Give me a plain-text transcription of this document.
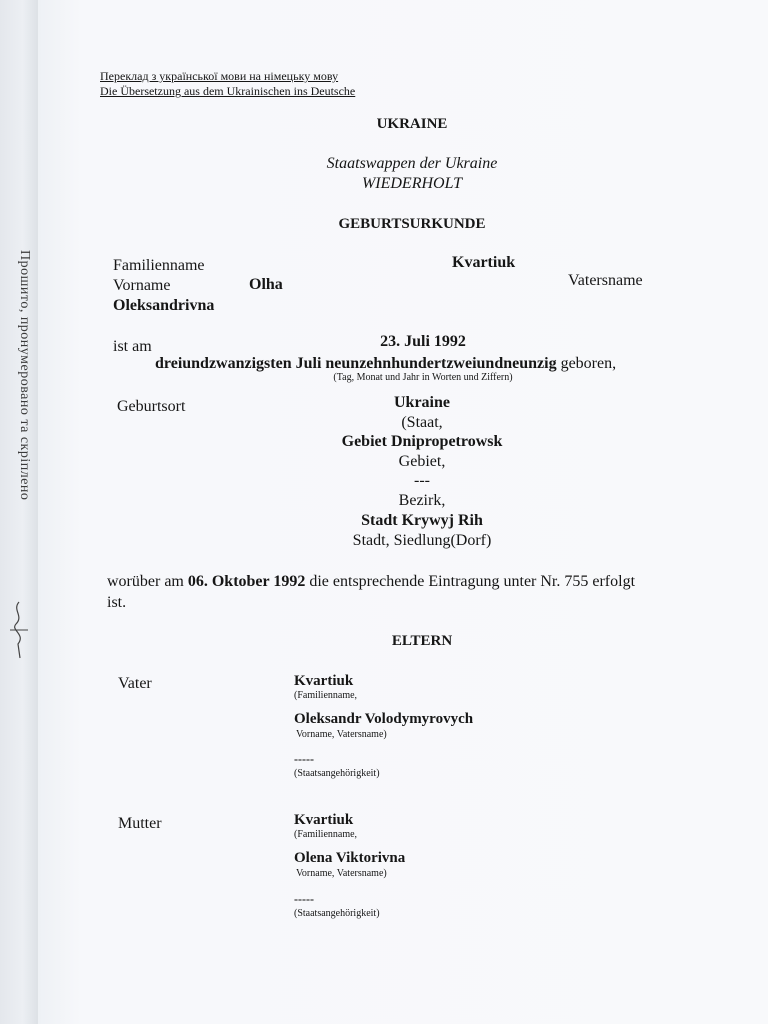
Прошито, пронумеровано та скріплено
Переклад з української мови на німецьку мову
Die Übersetzung aus dem Ukrainischen ins Deutsche
UKRAINE
Staatswappen der Ukraine
WIEDERHOLT
GEBURTSURKUNDE
Familienname	Kvartiuk
Vorname	Olha	Vatersname
Oleksandrivna
ist am	23. Juli 1992
dreiundzwanzigsten Juli neunzehnhundertzweiundneunzig geboren,
(Tag, Monat und Jahr in Worten und Ziffern)
Geburtsort	Ukraine
(Staat,
Gebiet Dnipropetrowsk
Gebiet,
---
Bezirk,
Stadt Krywyj Rih
Stadt, Siedlung(Dorf)
worüber am 06. Oktober 1992 die entsprechende Eintragung unter Nr. 755 erfolgt
ist.
ELTERN
Vater	Kvartiuk
(Familienname,
Oleksandr Volodymyrovych
Vorname, Vatersname)
-----
(Staatsangehörigkeit)
Mutter	Kvartiuk
(Familienname,
Olena Viktorivna
Vorname, Vatersname)
-----
(Staatsangehörigkeit)
